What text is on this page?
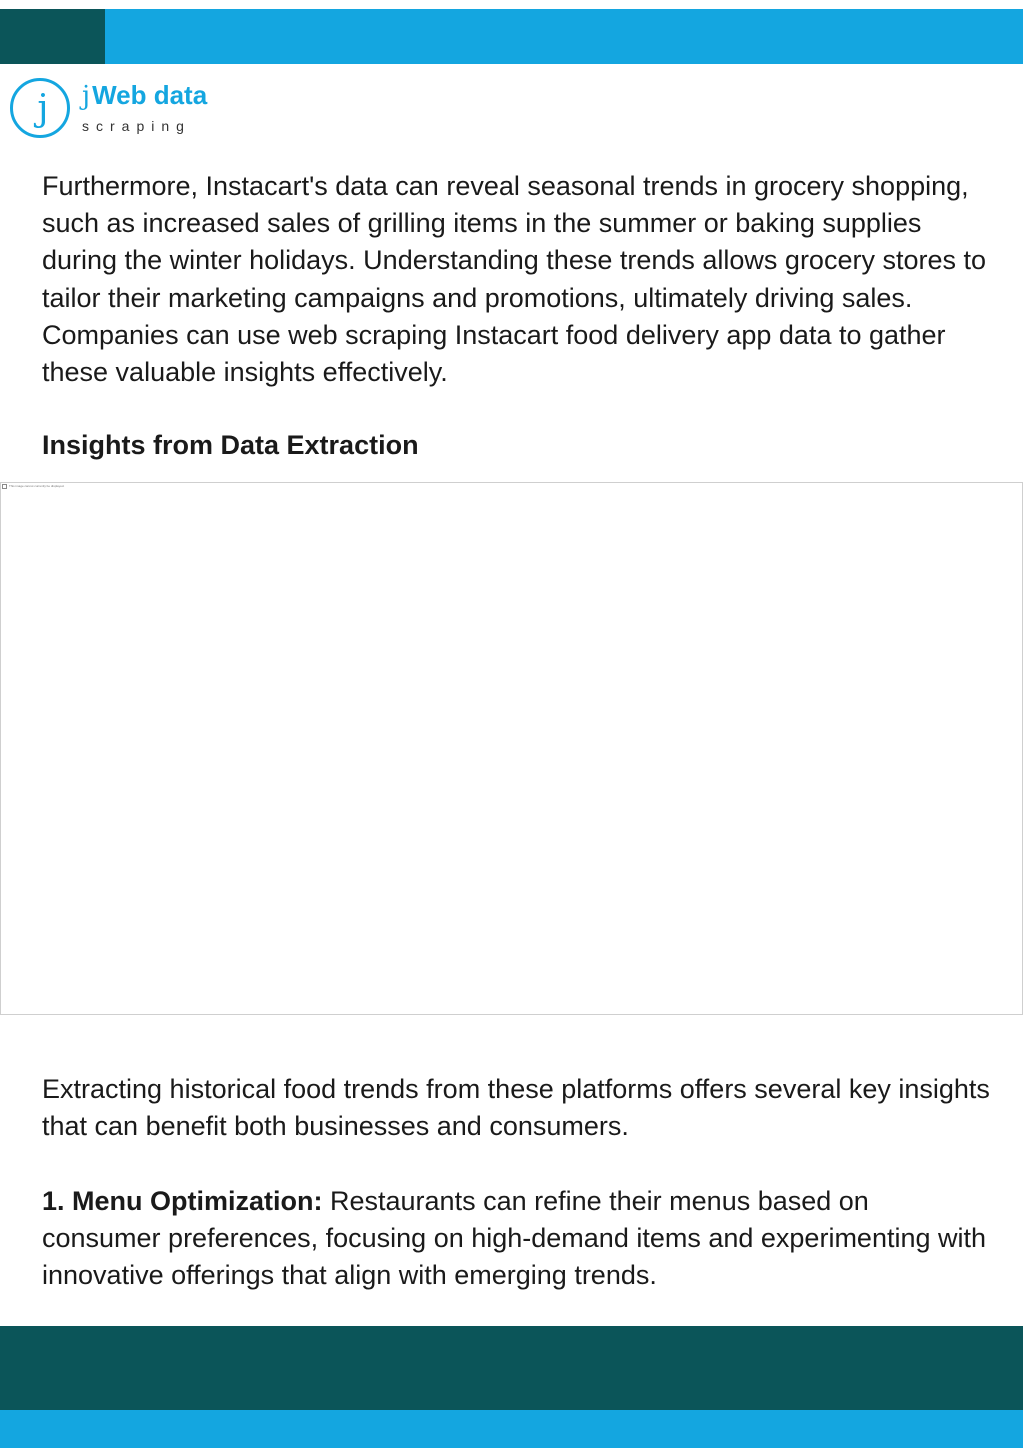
j	jWeb data
scraping

Furthermore, Instacart's data can reveal seasonal trends in grocery shopping, such as increased sales of grilling items in the summer or baking supplies during the winter holidays. Understanding these trends allows grocery stores to tailor their marketing campaigns and promotions, ultimately driving sales. Companies can use web scraping Instacart food delivery app data to gather these valuable insights effectively.

Insights from Data Extraction

This image cannot currently be displayed.

Extracting historical food trends from these platforms offers several key insights that can benefit both businesses and consumers.

1. Menu Optimization: Restaurants can refine their menus based on consumer preferences, focusing on high-demand items and experimenting with innovative offerings that align with emerging trends.
